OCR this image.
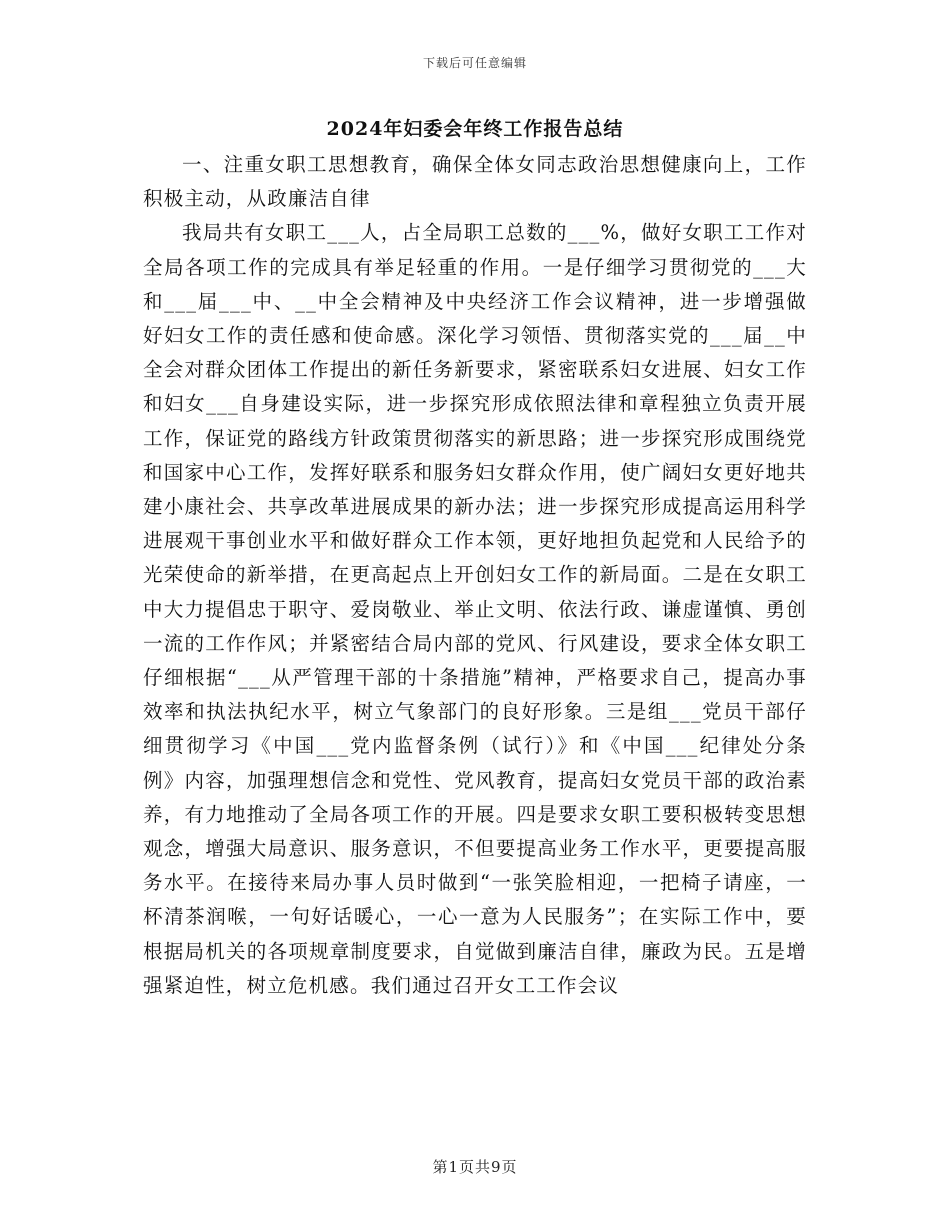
下载后可任意编辑
2024年妇委会年终工作报告总结

一、注重女职工思想教育，确保全体女同志政治思想健康向上，工作积极主动，从政廉洁自律

我局共有女职工___人，占全局职工总数的___%，做好女职工工作对全局各项工作的完成具有举足轻重的作用。一是仔细学习贯彻党的___大和___届___中、__中全会精神及中央经济工作会议精神，进一步增强做好妇女工作的责任感和使命感。深化学习领悟、贯彻落实党的___届__中全会对群众团体工作提出的新任务新要求，紧密联系妇女进展、妇女工作和妇女___自身建设实际，进一步探究形成依照法律和章程独立负责开展工作，保证党的路线方针政策贯彻落实的新思路；进一步探究形成围绕党和国家中心工作，发挥好联系和服务妇女群众作用，使广阔妇女更好地共建小康社会、共享改革进展成果的新办法；进一步探究形成提高运用科学进展观干事创业水平和做好群众工作本领，更好地担负起党和人民给予的光荣使命的新举措，在更高起点上开创妇女工作的新局面。二是在女职工中大力提倡忠于职守、爱岗敬业、举止文明、依法行政、谦虚谨慎、勇创一流的工作作风；并紧密结合局内部的党风、行风建设，要求全体女职工仔细根据“___从严管理干部的十条措施”精神，严格要求自己，提高办事效率和执法执纪水平，树立气象部门的良好形象。三是组___党员干部仔细贯彻学习《中国___党内监督条例（试行）》和《中国___纪律处分条例》内容，加强理想信念和党性、党风教育，提高妇女党员干部的政治素养，有力地推动了全局各项工作的开展。四是要求女职工要积极转变思想观念，增强大局意识、服务意识，不但要提高业务工作水平，更要提高服务水平。在接待来局办事人员时做到“一张笑脸相迎，一把椅子请座，一杯清茶润喉，一句好话暖心，一心一意为人民服务”；在实际工作中，要根据局机关的各项规章制度要求，自觉做到廉洁自律，廉政为民。五是增强紧迫性，树立危机感。我们通过召开女工工作会议

第1页共9页
